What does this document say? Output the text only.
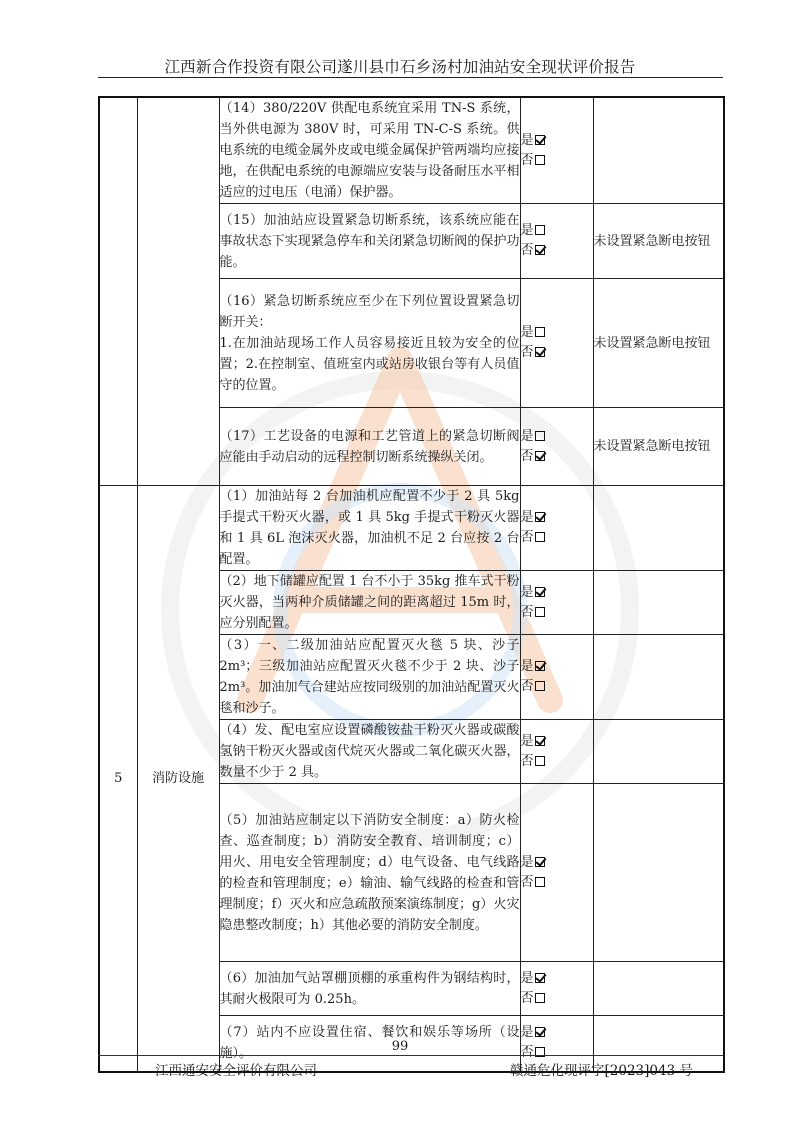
江西新合作投资有限公司遂川县巾石乡汤村加油站安全现状评价报告
		（14）380/220V 供配电系统宜采用 TN-S 系统，当外供电源为 380V 时，可采用 TN-C-S 系统。供电系统的电缆金属外皮或电缆金属保护管两端均应接地，在供配电系统的电源端应安装与设备耐压水平相适应的过电压（电涌）保护器。	是
否	

		（15）加油站应设置紧急切断系统，该系统应能在事故状态下实现紧急停车和关闭紧急切断阀的保护功能。	是
否	未设置紧急断电按钮

		（16）紧急切断系统应至少在下列位置设置紧急切断开关：
1.在加油站现场工作人员容易接近且较为安全的位置；2.在控制室、值班室内或站房收银台等有人员值守的位置。	是
否	未设置紧急断电按钮
		（17）工艺设备的电源和工艺管道上的紧急切断阀应能由手动启动的远程控制切断系统操纵关闭。	是
否	未设置紧急断电按钮
5	消防设施	（1）加油站每 2 台加油机应配置不少于 2 具 5kg 手提式干粉灭火器，或 1 具 5kg 手提式干粉灭火器和 1 具 6L 泡沫灭火器，加油机不足 2 台应按 2 台配置。	是
否	

		（2）地下储罐应配置 1 台不小于 35kg 推车式干粉灭火器，当两种介质储罐之间的距离超过 15m 时，应分别配置。	是
否	

		（3）一、二级加油站应配置灭火毯 5 块、沙子 2m³；三级加油站应配置灭火毯不少于 2 块、沙子 2m³。加油加气合建站应按同级别的加油站配置灭火毯和沙子。	是
否	

		（4）发、配电室应设置磷酸铵盐干粉灭火器或碳酸氢钠干粉灭火器或卤代烷灭火器或二氧化碳灭火器，数量不少于 2 具。	是
否	

		（5）加油站应制定以下消防安全制度：a）防火检查、巡查制度；b）消防安全教育、培训制度；c）用火、用电安全管理制度；d）电气设备、电气线路的检查和管理制度；e）输油、输气线路的检查和管理制度；f）灭火和应急疏散预案演练制度；g）火灾隐患整改制度；h）其他必要的消防安全制度。	是
否	

		（6）加油加气站罩棚顶棚的承重构件为钢结构时，其耐火极限可为 0.25h。	是
否	

		（7）站内不应设置住宿、餐饮和娱乐等场所（设施）。	是
否	

99
江西通安安全评价有限公司	赣通危化现评字[2023]043 号
